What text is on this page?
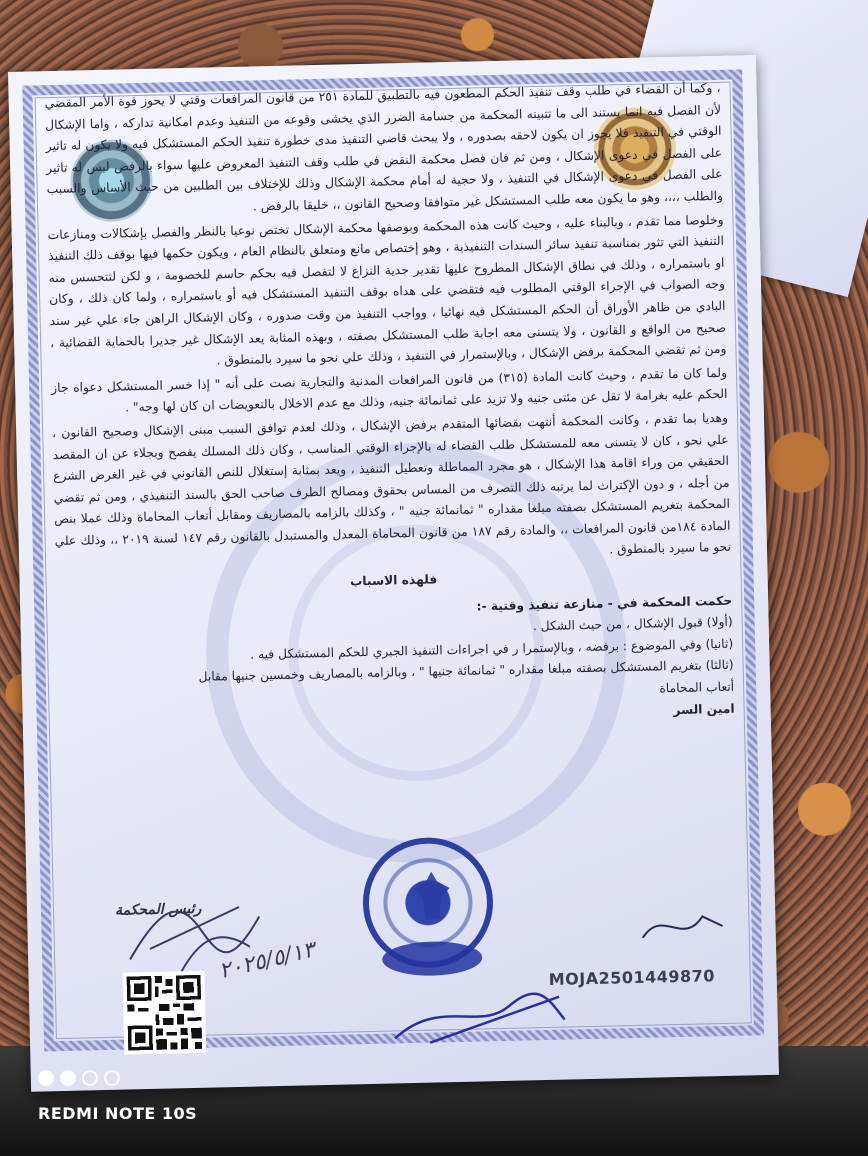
، وكما أن القضاء في طلب وقف تنفيذ الحكم المطعون فيه بالتطبيق للمادة ٢٥١ من قانون المرافعات وقتي لا يحوز قوة الأمر المقضي لأن الفصل فيه انما يستند الى ما تتبينه المحكمة من جسامة الضرر الذي يخشى وقوعه من التنفيذ وعدم امكانية تداركه ، واما الإشكال الوقتي في التنفيذ فلا يجوز ان يكون لاحقه بصدوره ، ولا يبحث قاضي التنفيذ مدى خطورة تنفيذ الحكم المستشكل فيه ولا يكون له تاثير على الفصل في دعوى الإشكال ، ومن ثم فان فصل محكمة النقض في طلب وقف التنفيذ المعروض عليها سواء بالرفض ليس له تاثير على الفصل في دعوى الإشكال في التنفيذ ، ولا حجية له أمام محكمة الإشكال وذلك للإختلاف بين الطلبين من حيث الأساس والسبب والطلب ،،،، وهو ما يكون معه طلب المستشكل غير متوافقا وصحيح القانون ،، خليقا بالرفض .

وخلوصا مما تقدم ، وبالبناء عليه ، وحيث كانت هذه المحكمة وبوصفها محكمة الإشكال تختص نوعيا بالنظر والفصل بإشكالات ومنازعات التنفيذ التي تثور بمناسبة تنفيذ سائر السندات التنفيذية ، وهو إختصاص مانع ومتعلق بالنظام العام ، ويكون حكمها فيها بوقف ذلك التنفيذ او باستمراره ، وذلك في نطاق الإشكال المطروح عليها تقدير جدية النزاع لا لتفصل فيه بحكم حاسم للخصومة ، و لكن لتتحسس منه وجه الصواب في الإجراء الوقتي المطلوب فيه فتقضي على هداه بوقف التنفيذ المستشكل فيه أو باستمراره ، ولما كان ذلك ، وكان البادي من ظاهر الأوراق أن الحكم المستشكل فيه نهائيا ، وواجب التنفيذ من وقت صدوره ، وكان الإشكال الراهن جاء علي غير سند صحيح من الواقع و القانون ، ولا يتسنى معه اجابة طلب المستشكل بصفته ، وبهذه المثابة يعد الإشكال غير جديرا بالحماية القضائية ، ومن ثم تقضي المحكمة برفض الإشكال ، وبالإستمرار في التنفيذ ، وذلك علي نحو ما سيرد بالمنطوق .

ولما كان ما تقدم ، وحيث كانت المادة (٣١٥) من قانون المرافعات المدنية والتجارية نصت على أنه " إذا خسر المستشكل دعواه جاز الحكم عليه بغرامة لا تقل عن مئتى جنيه ولا تزيد على ثمانمائة جنيه، وذلك مع عدم الاخلال بالتعويضات ان كان لها وجه" .

وهديا بما تقدم ، وكانت المحكمة أنتهت بقضائها المتقدم برفض الإشكال ، وذلك لعدم توافق السبب مبنى الإشكال وصحيح القانون ، علي نحو ، كان لا يتسنى معه للمستشكل طلب القضاء له بالإجراء الوقتي المناسب ، وكان ذلك المسلك يفصح وبجلاء عن ان المقصد الحقيقي من وراء اقامة هذا الإشكال ، هو مجرد المماطلة وتعطيل التنفيذ ، ويعد بمثابة إستغلال للنص القانوني في غير الغرض الشرع من أجله ، و دون الإكتراث لما يرتبه ذلك التصرف من المساس بحقوق ومصالح الطرف صاحب الحق بالسند التنفيذي ، ومن ثم تقضي المحكمة بتغريم المستشكل بصفته مبلغا مقداره " ثمانمائة جنيه " ، وكذلك بالزامه بالمصاريف ومقابل أتعاب المحاماة وذلك عملا بنص المادة ١٨٤من قانون المرافعات ،، والمادة رقم ١٨٧ من قانون المحاماة المعدل والمستبدل بالقانون رقم ١٤٧ لسنة ٢٠١٩ ،، وذلك علي نحو ما سيرد بالمنطوق .

فلهذه الاسباب

حكمت المحكمة في - منازعة تنفيذ وقتية -:

(أولا) قبول الإشكال ، من حيث الشكل .

(ثانيا) وفي الموضوع : برفضه ، وبالإستمرا ر في اجراءات التنفيذ الجبري للحكم المستشكل فيه .

(ثالثا) بتغريم المستشكل بصفته مبلغا مقداره " ثمانمائة جنيها " ، وبالزامه بالمصاريف وخمسين جنيها مقابل

أتعاب المحاماة

امين السر

رئيس المحكمة
٢٠٢٥/٥/١٣	MOJA2501449870
REDMI NOTE 10S
